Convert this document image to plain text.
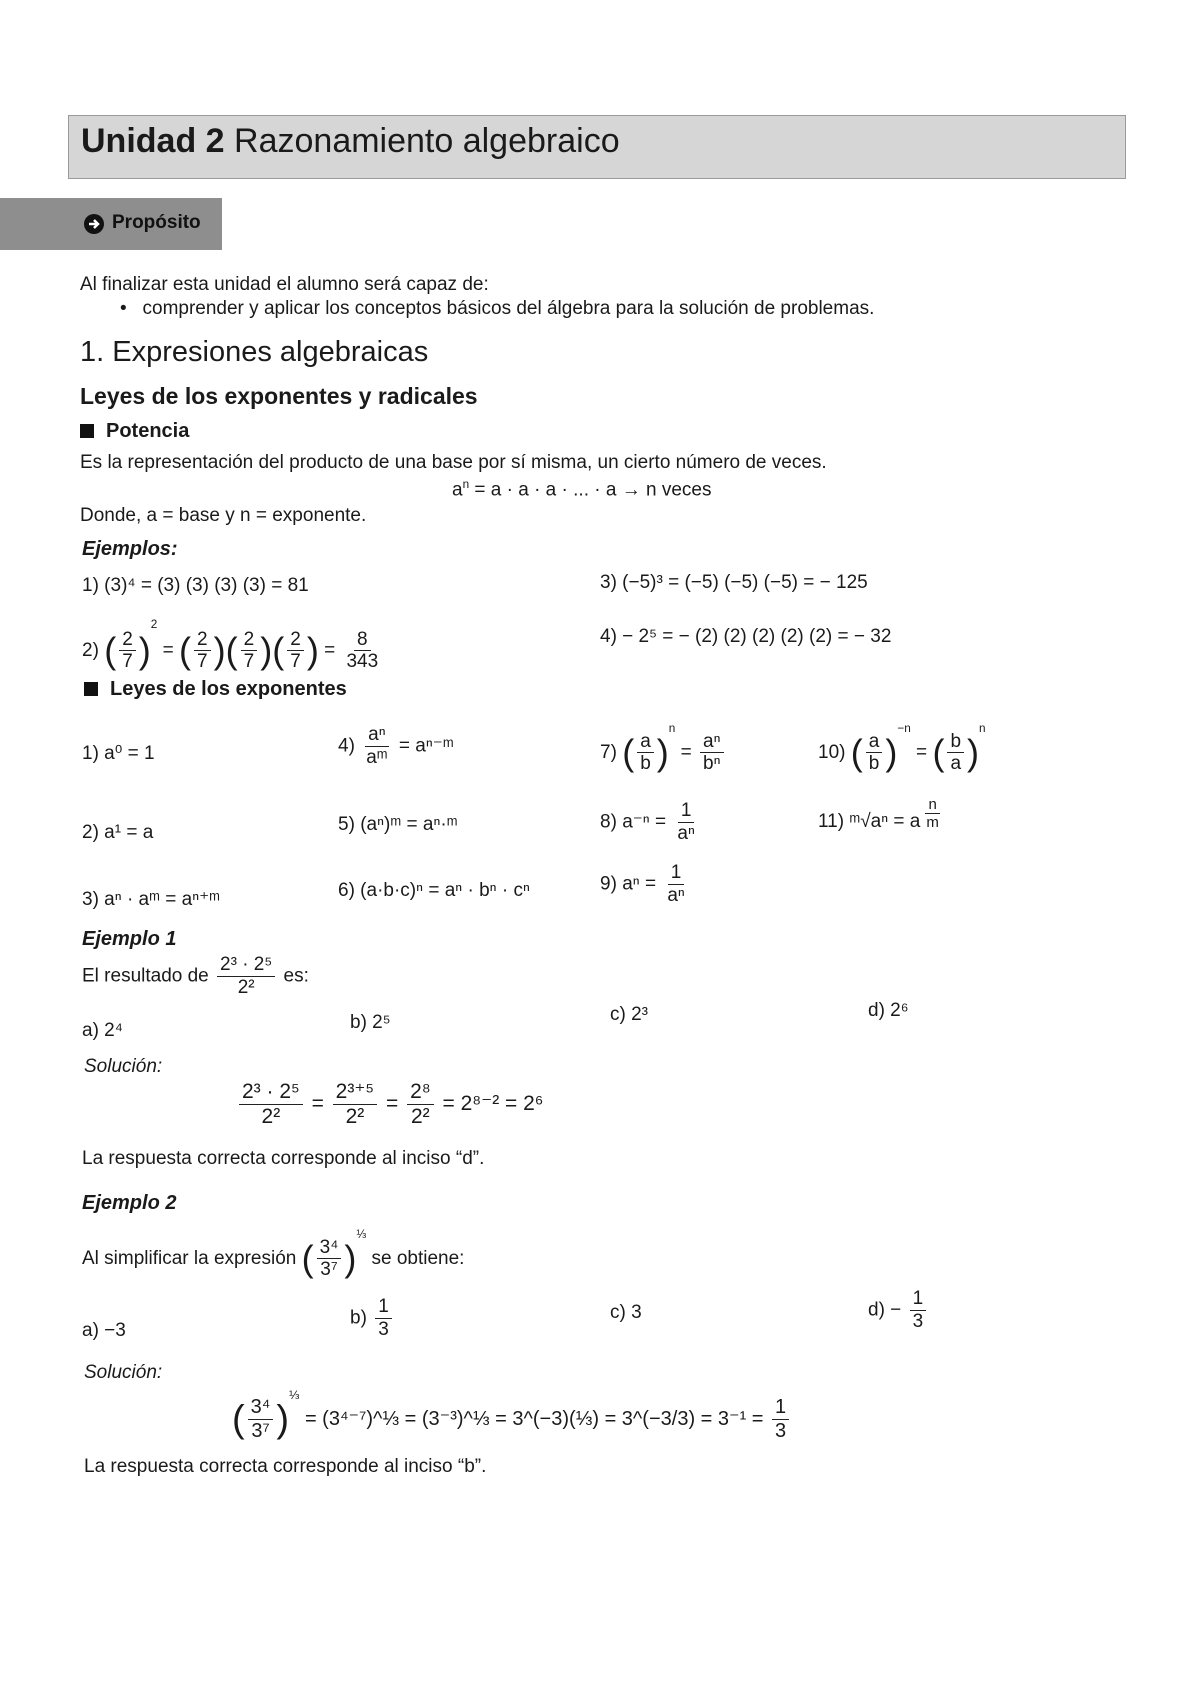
Unidad 2 Razonamiento algebraico
Propósito
Al finalizar esta unidad el alumno será capaz de:
•   comprender y aplicar los conceptos básicos del álgebra para la solución de problemas.
1. Expresiones algebraicas
Leyes de los exponentes y radicales
Potencia
Es la representación del producto de una base por sí misma, un cierto número de veces.
$a^n = a \cdot a \cdot a$ · ... · a → n veces
Donde, a = base y n = exponente.
Ejemplos:
1) (3)⁴ = (3) (3) (3) (3) = 81
2) ( $\frac{2}{7} )^2$ = ( $\frac{2}{7}$ )( $\frac{2}{7}$ )( $\frac{2}{7}$ ) = $\frac{8}{343}$
3) (−5)³ = (−5) (−5) (−5) = − 125
4) − 2⁵ = − (2) (2) (2) (2) (2) = − 32
Leyes de los exponentes
1) a⁰ = 1
2) a¹ = a
3) aⁿ · aᵐ = aⁿ⁺ᵐ
$4) \frac{\text{aⁿ}}{\text{aᵐ}}$ = aⁿ⁻ᵐ
5) (aⁿ)ᵐ = aⁿ·ᵐ
6) (a·b·c)ⁿ = aⁿ · bⁿ · cⁿ
7) ( $\frac{a}{b} )^n = \frac{\text{aⁿ}}{\text{bⁿ}}$
8) $a^{-n} = \frac{1}{\text{aⁿ}}$
9) $a^n = \frac{1}{\text{aⁿ}}$
10) ( $\frac{a}{b} )^{-n}$ = ( $\frac{b}{a} )^n$
11) ᵐ√aⁿ = a $^{\frac{n}{m}}$
Ejemplo 1
El resultado de $\frac{\text{2³ · 2⁵}}{\text{2²}}$ es:
a) 2⁴	b) 2⁵	c) 2³	d) 2⁶
Solución:
$\frac{\text{2³ · 2⁵}}{\text{2²}} = \frac{\text{2³⁺⁵}}{\text{2²}} = \frac{\text{2⁸}}{\text{2²}} = 2^{8-2} = 2^6$
La respuesta correcta corresponde al inciso “d”.
Ejemplo 2
Al simplificar la expresión ( $\frac{\text{3⁴}}{\text{3⁷}} )^{\frac{1}{3}}$ se obtiene:
a) −3
$b) \frac{1}{3}$	c) 3	$d) - \frac{1}{3}$
Solución:
( $\frac{\text{3⁴}}{\text{3⁷}} )^{\frac{1}{3}}$ = (3⁴⁻⁷)^⅓ = (3⁻³)^⅓ = 3^(−3)(⅓) = 3^(−3/3) = $3^{-1} = \frac{1}{3}$
La respuesta correcta corresponde al inciso “b”.
